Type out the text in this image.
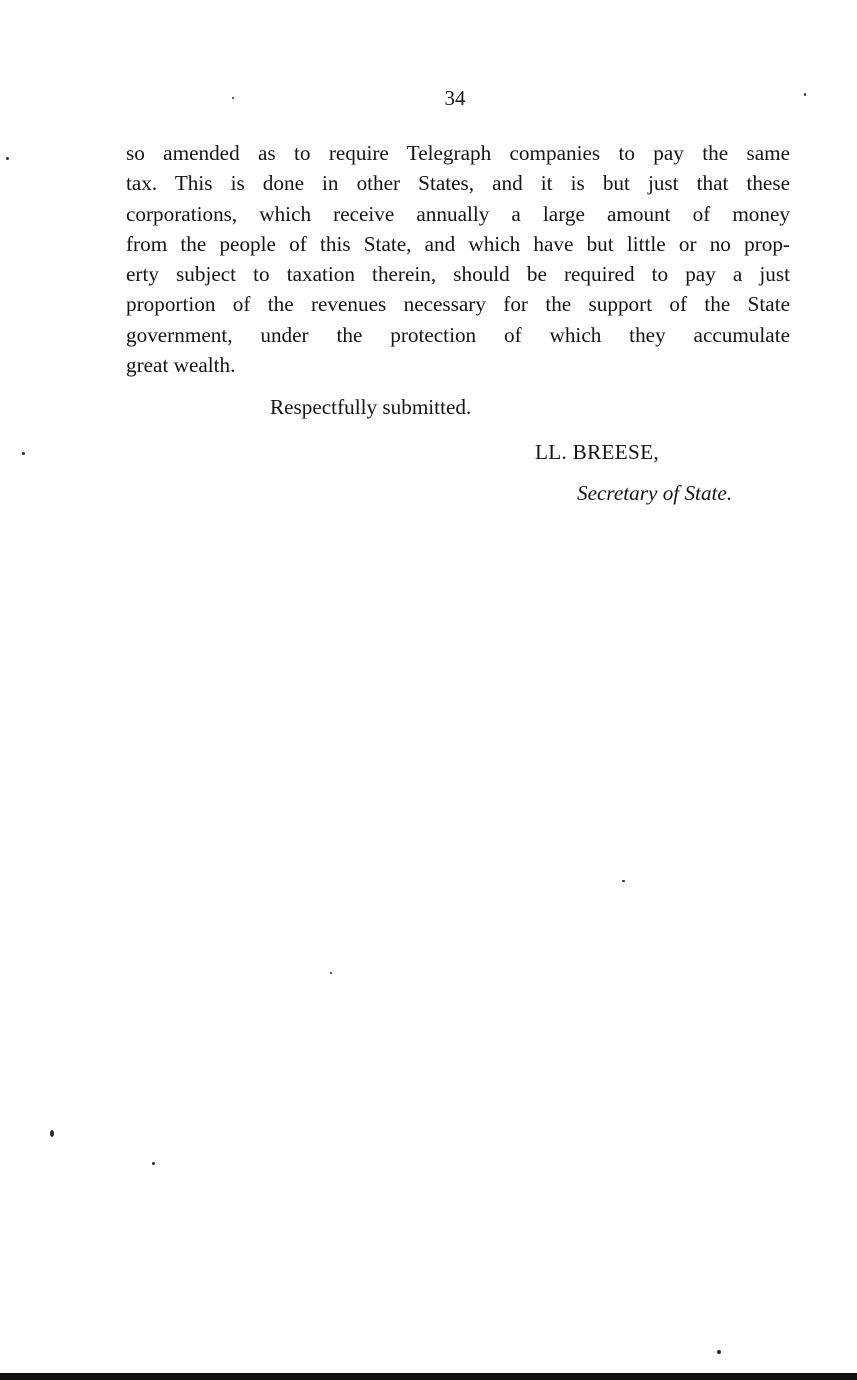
34
so amended as to require Telegraph companies to pay the same
tax. This is done in other States, and it is but just that these
corporations, which receive annually a large amount of money
from the people of this State, and which have but little or no prop-
erty subject to taxation therein, should be required to pay a just
proportion of the revenues necessary for the support of the State
government, under the protection of which they accumulate
great wealth.
Respectfully submitted.
LL. BREESE,
Secretary of State.
